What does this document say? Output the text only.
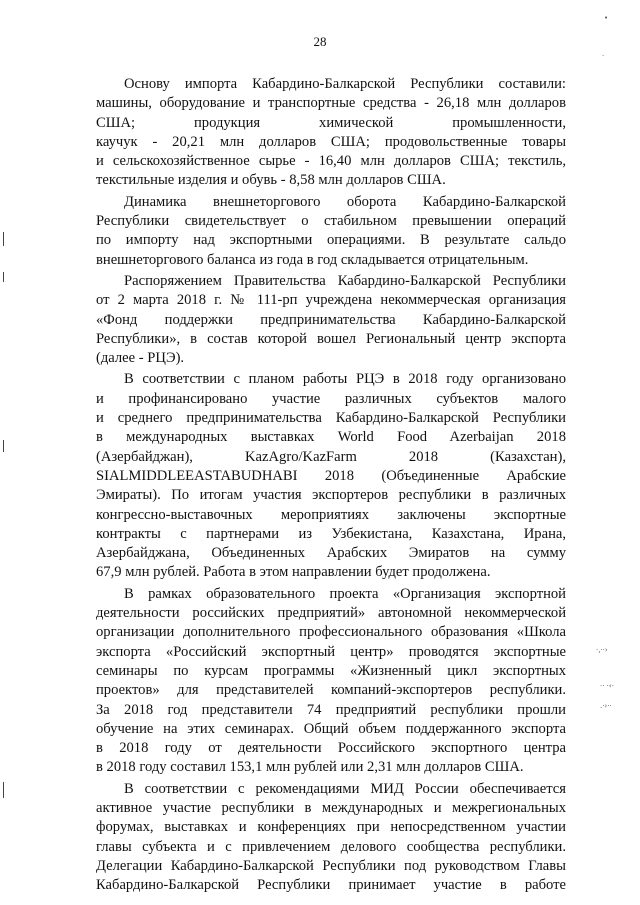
28
Основу импорта Кабардино-Балкарской Республики составили:
машины, оборудование и транспортные средства - 26,18 млн долларов
США; продукция химической промышленности,
каучук - 20,21 млн долларов США; продовольственные товары
и сельскохозяйственное сырье - 16,40 млн долларов США; текстиль,
текстильные изделия и обувь - 8,58 млн долларов США.
Динамика внешнеторгового оборота Кабардино-Балкарской
Республики свидетельствует о стабильном превышении операций
по импорту над экспортными операциями. В результате сальдо
внешнеторгового баланса из года в год складывается отрицательным.
Распоряжением Правительства Кабардино-Балкарской Республики
от 2 марта 2018 г. № 111-рп учреждена некоммерческая организация
«Фонд поддержки предпринимательства Кабардино-Балкарской
Республики», в состав которой вошел Региональный центр экспорта
(далее - РЦЭ).
В соответствии с планом работы РЦЭ в 2018 году организовано
и профинансировано участие различных субъектов малого
и среднего предпринимательства Кабардино-Балкарской Республики
в международных выставках World Food Azerbaijan 2018
(Азербайджан), KazAgro/KazFarm 2018 (Казахстан),
SIALMIDDLEEASTABUDHABI 2018 (Объединенные Арабские
Эмираты). По итогам участия экспортеров республики в различных
конгрессно-выставочных мероприятиях заключены экспортные
контракты с партнерами из Узбекистана, Казахстана, Ирана,
Азербайджана, Объединенных Арабских Эмиратов на сумму
67,9 млн рублей. Работа в этом направлении будет продолжена.
В рамках образовательного проекта «Организация экспортной
деятельности российских предприятий» автономной некоммерческой
организации дополнительного профессионального образования «Школа
экспорта «Российский экспортный центр» проводятся экспортные
семинары по курсам программы «Жизненный цикл экспортных
проектов» для представителей компаний-экспортеров республики.
За 2018 год представители 74 предприятий республики прошли
обучение на этих семинарах. Общий объем поддержанного экспорта
в 2018 году от деятельности Российского экспортного центра
в 2018 году составил 153,1 млн рублей или 2,31 млн долларов США.
В соответствии с рекомендациями МИД России обеспечивается
активное участие республики в международных и межрегиональных
форумах, выставках и конференциях при непосредственном участии
главы субъекта и с привлечением делового сообщества республики.
Делегации Кабардино-Балкарской Республики под руководством Главы
Кабардино-Балкарской Республики принимает участие в работе
•
·
·,··›
·· ·‹·
.·›··
